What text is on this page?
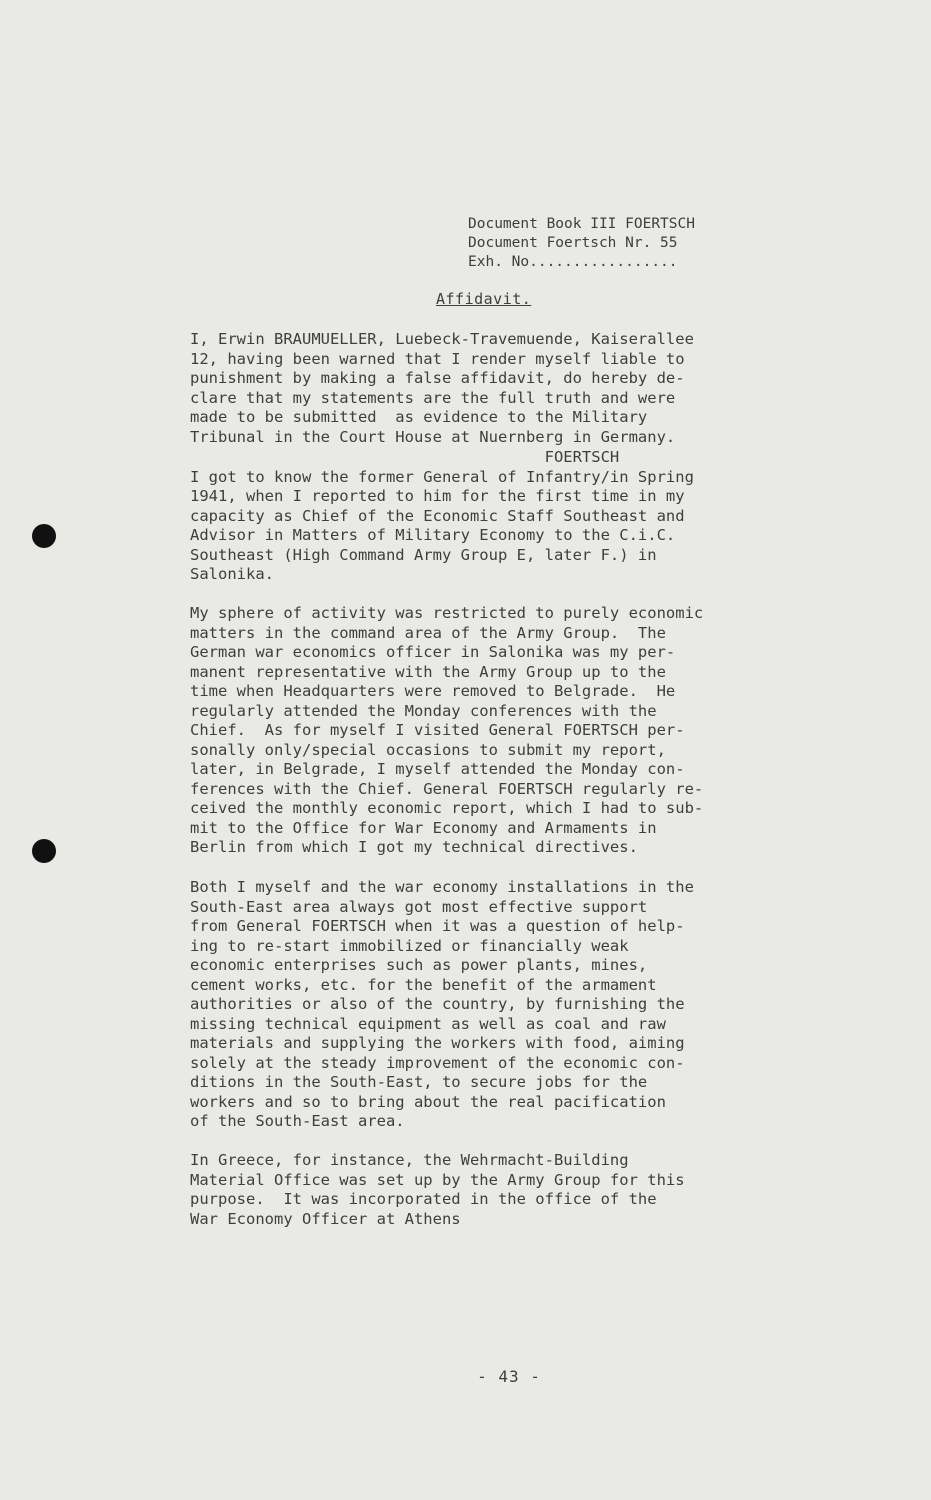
Document Book III FOERTSCH
Document Foertsch Nr. 55
Exh. No.................
Affidavit.
I, Erwin BRAUMUELLER, Luebeck-Travemuende, Kaiserallee
12, having been warned that I render myself liable to
punishment by making a false affidavit, do hereby de-
clare that my statements are the full truth and were
made to be submitted  as evidence to the Military
Tribunal in the Court House at Nuernberg in Germany.
FOERTSCH
I got to know the former General of Infantry/in Spring
1941, when I reported to him for the first time in my
capacity as Chief of the Economic Staff Southeast and
Advisor in Matters of Military Economy to the C.i.C.
Southeast (High Command Army Group E, later F.) in
Salonika.
My sphere of activity was restricted to purely economic
matters in the command area of the Army Group.  The
German war economics officer in Salonika was my per-
manent representative with the Army Group up to the
time when Headquarters were removed to Belgrade.  He
regularly attended the Monday conferences with the
Chief.  As for myself I visited General FOERTSCH per-
sonally only/special occasions to submit my report,
later, in Belgrade, I myself attended the Monday con-
ferences with the Chief. General FOERTSCH regularly re-
ceived the monthly economic report, which I had to sub-
mit to the Office for War Economy and Armaments in
Berlin from which I got my technical directives.
Both I myself and the war economy installations in the
South-East area always got most effective support
from General FOERTSCH when it was a question of help-
ing to re-start immobilized or financially weak
economic enterprises such as power plants, mines,
cement works, etc. for the benefit of the armament
authorities or also of the country, by furnishing the
missing technical equipment as well as coal and raw
materials and supplying the workers with food, aiming
solely at the steady improvement of the economic con-
ditions in the South-East, to secure jobs for the
workers and so to bring about the real pacification
of the South-East area.
In Greece, for instance, the Wehrmacht-Building
Material Office was set up by the Army Group for this
purpose.  It was incorporated in the office of the
War Economy Officer at Athens
- 43 -
